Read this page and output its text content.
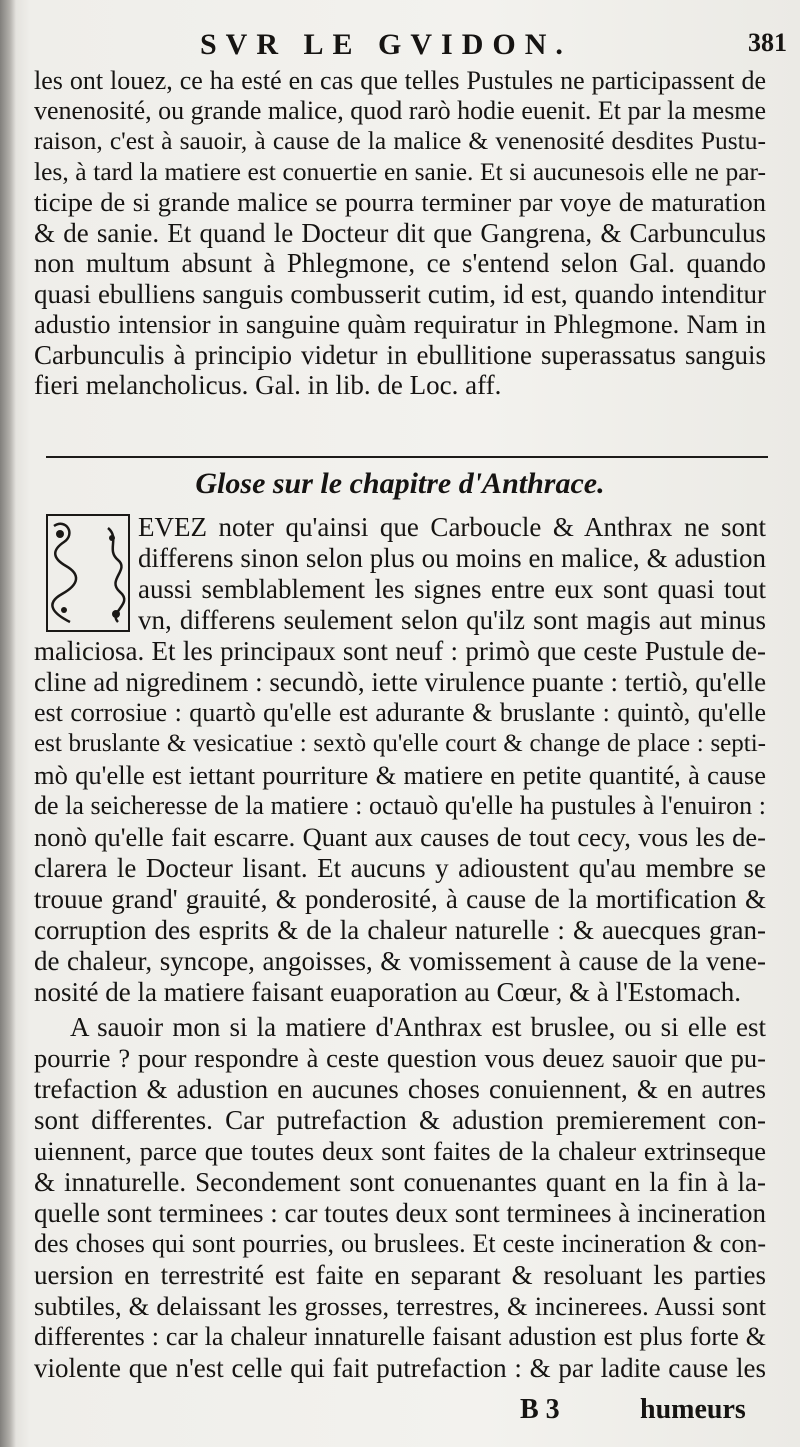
SVR LE GVIDON.	381

les ont louez, ce ha esté en cas que telles Pustules ne participassent de

venenosité, ou grande malice, quod rarò hodie euenit. Et par la mesme

raison, c'est à sauoir, à cause de la malice & venenosité desdites Pustu-

les, à tard la matiere est conuertie en sanie. Et si aucunesois elle ne par-

ticipe de si grande malice se pourra terminer par voye de maturation

& de sanie. Et quand le Docteur dit que Gangrena, & Carbunculus

non multum absunt à Phlegmone, ce s'entend selon Gal. quando

quasi ebulliens sanguis combusserit cutim, id est, quando intenditur

adustio intensior in sanguine quàm requiratur in Phlegmone. Nam in

Carbunculis à principio videtur in ebullitione superassatus sanguis

fieri melancholicus. Gal. in lib. de Loc. aff.

Glose sur le chapitre d'Anthrace.

EVEZ noter qu'ainsi que Carboucle & Anthrax ne sont

differens sinon selon plus ou moins en malice, & adustion

aussi semblablement les signes entre eux sont quasi tout

vn, differens seulement selon qu'ilz sont magis aut minus

maliciosa. Et les principaux sont neuf : primò que ceste Pustule de-

cline ad nigredinem : secundò, iette virulence puante : tertiò, qu'elle

est corrosiue : quartò qu'elle est adurante & bruslante : quintò, qu'elle

est bruslante & vesicatiue : sextò qu'elle court & change de place : septi-

mò qu'elle est iettant pourriture & matiere en petite quantité, à cause

de la seicheresse de la matiere : octauò qu'elle ha pustules à l'enuiron :

nonò qu'elle fait escarre. Quant aux causes de tout cecy, vous les de-

clarera le Docteur lisant. Et aucuns y adioustent qu'au membre se

trouue grand' grauité, & ponderosité, à cause de la mortification &

corruption des esprits & de la chaleur naturelle : & auecques gran-

de chaleur, syncope, angoisses, & vomissement à cause de la vene-

nosité de la matiere faisant euaporation au Cœur, & à l'Estomach.

A sauoir mon si la matiere d'Anthrax est bruslee, ou si elle est

pourrie ? pour respondre à ceste question vous deuez sauoir que pu-

trefaction & adustion en aucunes choses conuiennent, & en autres

sont differentes. Car putrefaction & adustion premierement con-

uiennent, parce que toutes deux sont faites de la chaleur extrinseque

& innaturelle. Secondement sont conuenantes quant en la fin à la-

quelle sont terminees : car toutes deux sont terminees à incineration

des choses qui sont pourries, ou bruslees. Et ceste incineration & con-

uersion en terrestrité est faite en separant & resoluant les parties

subtiles, & delaissant les grosses, terrestres, & incinerees. Aussi sont

differentes : car la chaleur innaturelle faisant adustion est plus forte &

violente que n'est celle qui fait putrefaction : & par ladite cause les

B 3	humeurs
